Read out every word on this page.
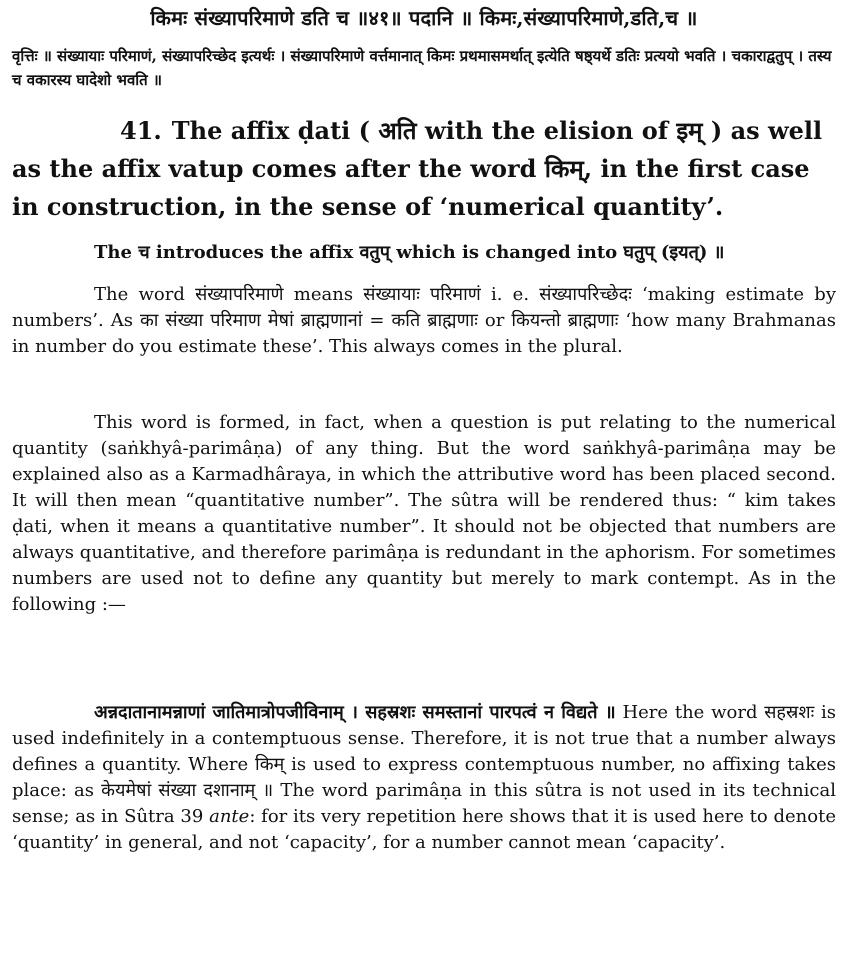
किमः संख्यापरिमाणे डति च ॥४१॥ पदानि ॥ किमः,संख्यापरिमाणे,डति,च ॥
वृत्तिः ॥ संख्यायाः परिमाणं, संख्यापरिच्छेद इत्यर्थः । संख्यापरिमाणे वर्त्तमानात् किमः प्रथमासमर्थात् इत्येति षष्ठ्यर्थे डतिः प्रत्ययो भवति । चकाराद्वतुप् । तस्य च वकारस्य घादेशो भवति ॥
41. The affix ḍati ( अति with the elision of इम् ) as well as the affix vatup comes after the word किम्, in the first case in construction, in the sense of ‘numerical quantity’.
The च introduces the affix वतुप् which is changed into घतुप् (इयत्) ॥
The word संख्यापरिमाणे means संख्यायाः परिमाणं i. e. संख्यापरिच्छेदः ‘making estimate by numbers’. As का संख्या परिमाण मेषां ब्राह्मणानां = कति ब्राह्मणाः or कियन्तो ब्राह्मणाः ‘how many Brahmanas in number do you estimate these’. This always comes in the plural.
This word is formed, in fact, when a question is put relating to the numerical quantity (saṅkhyâ-parimâṇa) of any thing. But the word saṅkhyâ-parimâṇa may be explained also as a Karmadhâraya, in which the attributive word has been placed second. It will then mean “quantitative number”. The sûtra will be rendered thus: “ kim takes ḍati, when it means a quantitative number”. It should not be objected that numbers are always quantitative, and therefore parimâṇa is redundant in the aphorism. For sometimes numbers are used not to define any quantity but merely to mark contempt. As in the following :—
अन्नदातानामन्नाणां जातिमात्रोपजीविनाम् । सहस्रशः समस्तानां पारपत्वं न विद्यते ॥ Here the word सहस्रशः is used indefinitely in a contemptuous sense. Therefore, it is not true that a number always defines a quantity. Where किम् is used to express contemptuous number, no affixing takes place: as केयमेषां संख्या दशानाम् ॥ The word parimâṇa in this sûtra is not used in its technical sense; as in Sûtra 39 ante: for its very repetition here shows that it is used here to denote ‘quantity’ in general, and not ‘capacity’, for a number cannot mean ‘capacity’.
